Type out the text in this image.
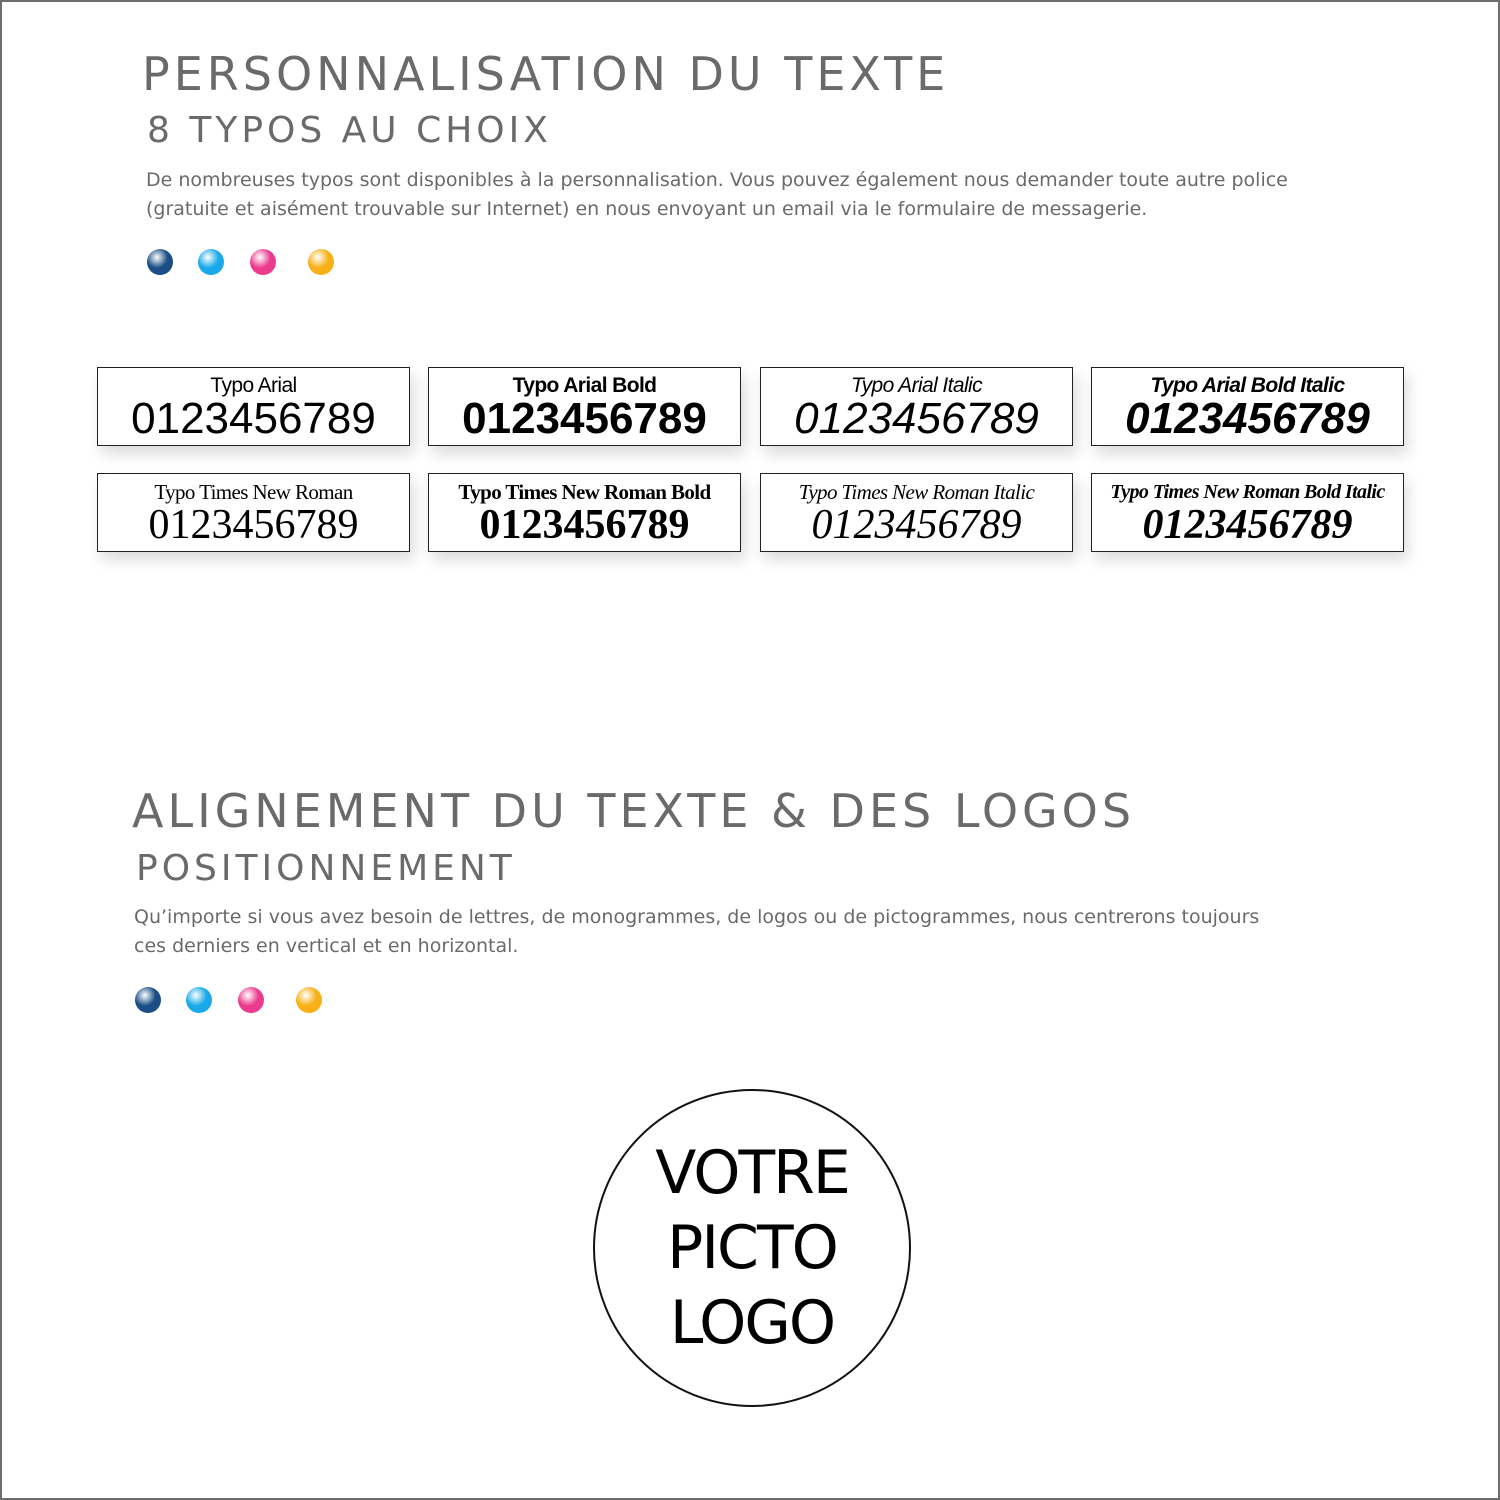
PERSONNALISATION DU TEXTE
8 TYPOS AU CHOIX

De nombreuses typos sont disponibles à la personnalisation. Vous pouvez également nous demander toute autre police
(gratuite et aisément trouvable sur Internet) en nous envoyant un email via le formulaire de messagerie.

Typo Arial
0123456789
Typo Arial Bold
0123456789
Typo Arial Italic
0123456789
Typo Arial Bold Italic
0123456789
Typo Times New Roman
0123456789
Typo Times New Roman Bold
0123456789
Typo Times New Roman Italic
0123456789
Typo Times New Roman Bold Italic
0123456789
ALIGNEMENT DU TEXTE & DES LOGOS
POSITIONNEMENT

Qu’importe si vous avez besoin de lettres, de monogrammes, de logos ou de pictogrammes, nous centrerons toujours
ces derniers en vertical et en horizontal.

VOTRE
PICTO
LOGO
